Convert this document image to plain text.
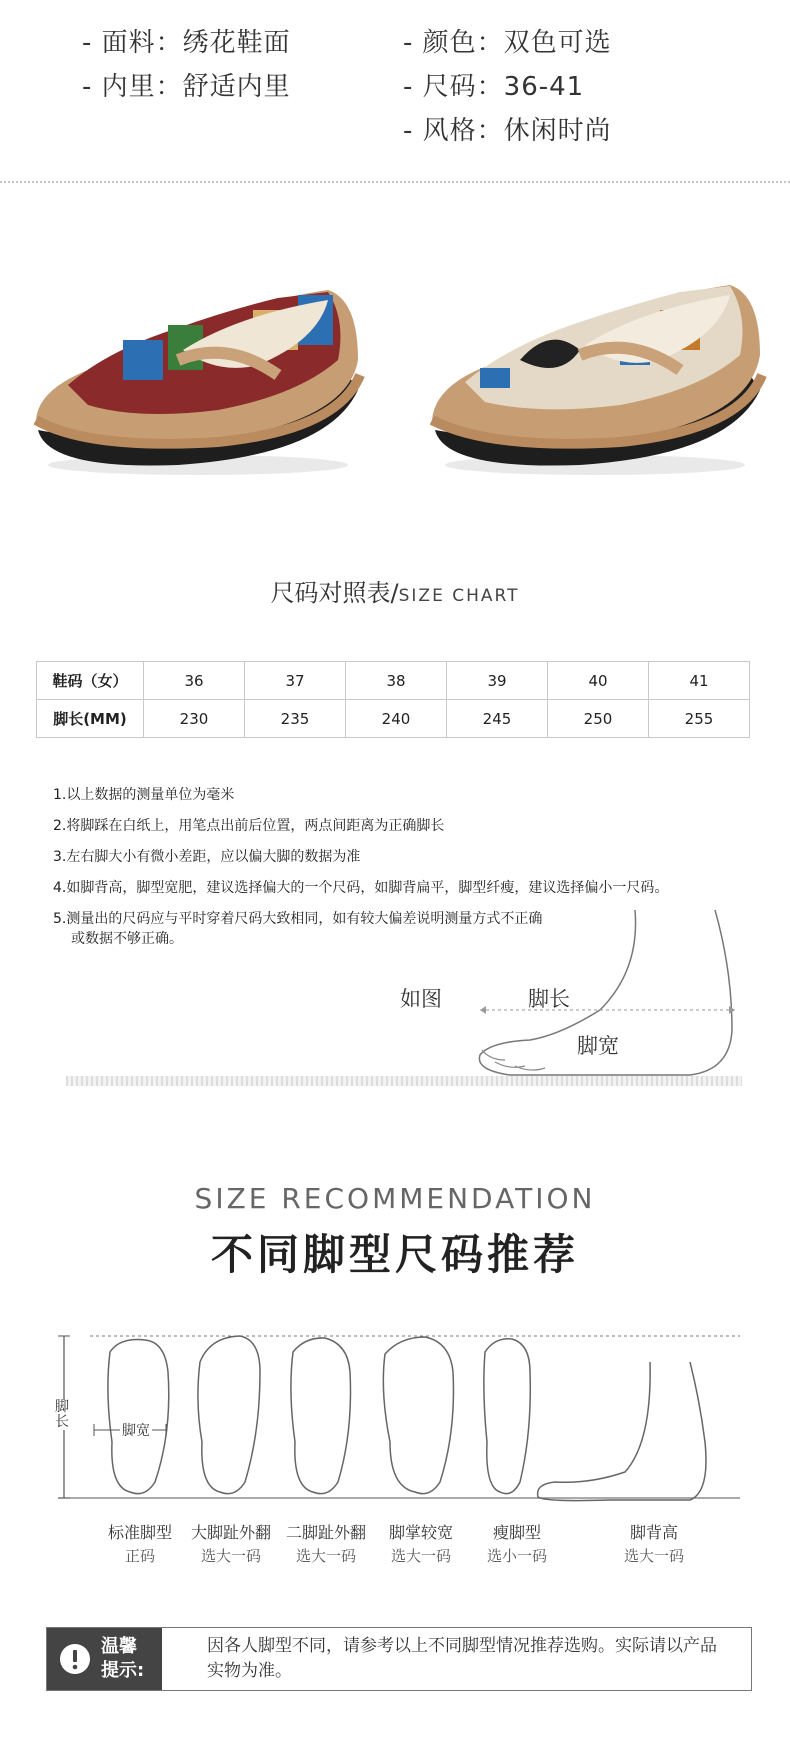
- 面料：绣花鞋面
- 内里：舒适内里
- 颜色：双色可选
- 尺码：36-41
- 风格：休闲时尚
尺码对照表/SIZE CHART
鞋码（女）	36	37	38	39	40	41
脚长(MM)	230	235	240	245	250	255
1.以上数据的测量单位为毫米
2.将脚踩在白纸上，用笔点出前后位置，两点间距离为正确脚长
3.左右脚大小有微小差距，应以偏大脚的数据为准
4.如脚背高，脚型宽肥，建议选择偏大的一个尺码，如脚背扁平，脚型纤瘦，建议选择偏小一尺码。
5.测量出的尺码应与平时穿着尺码大致相同，如有较大偏差说明测量方式不正确
或数据不够正确。
如图	脚长
脚宽
SIZE RECOMMENDATION
不同脚型尺码推荐
脚长
脚宽
标准脚型
正码
大脚趾外翻
选大一码
二脚趾外翻
选大一码
脚掌较宽
选大一码
瘦脚型
选小一码
脚背高
选大一码
温馨
提示:
因各人脚型不同，请参考以上不同脚型情况推荐选购。实际请以产品实物为准。
